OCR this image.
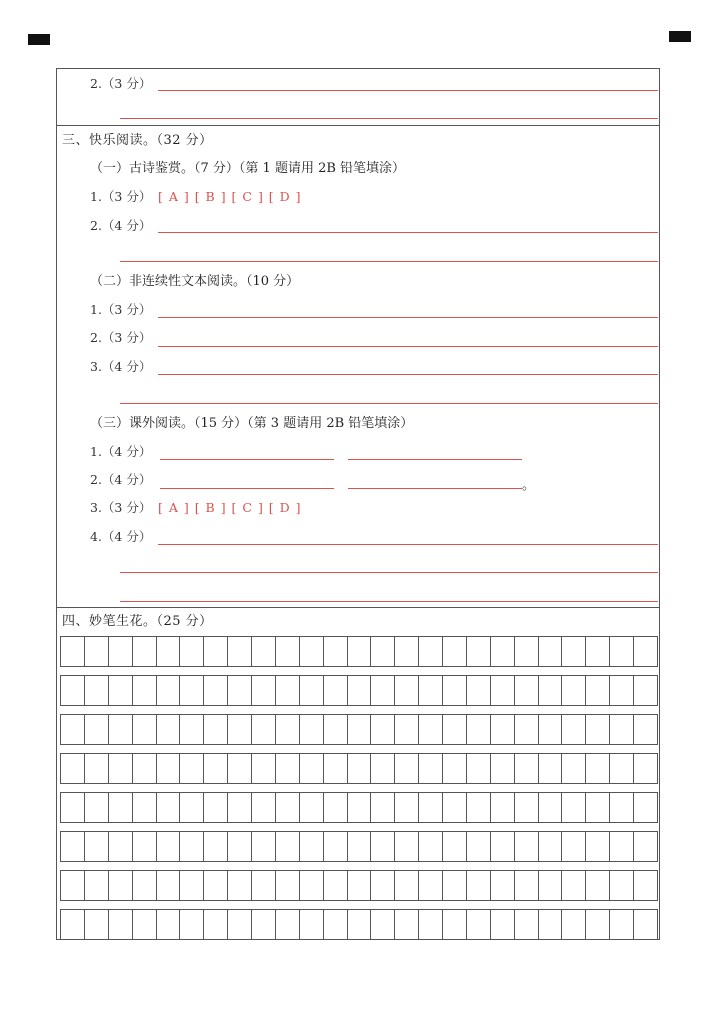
2.（3 分）
三、快乐阅读。（32 分）
（一）古诗鉴赏。（7 分）（第 1 题请用 2B 铅笔填涂）
1.（3 分） [ A ] [ B ] [ C ] [ D ]
2.（4 分）
（二）非连续性文本阅读。（10 分）
1.（3 分）
2.（3 分）
3.（4 分）
（三）课外阅读。（15 分）（第 3 题请用 2B 铅笔填涂）
1.（4 分）
2.（4 分）	。
3.（3 分） [ A ] [ B ] [ C ] [ D ]
4.（4 分）
四、妙笔生花。（25 分）
